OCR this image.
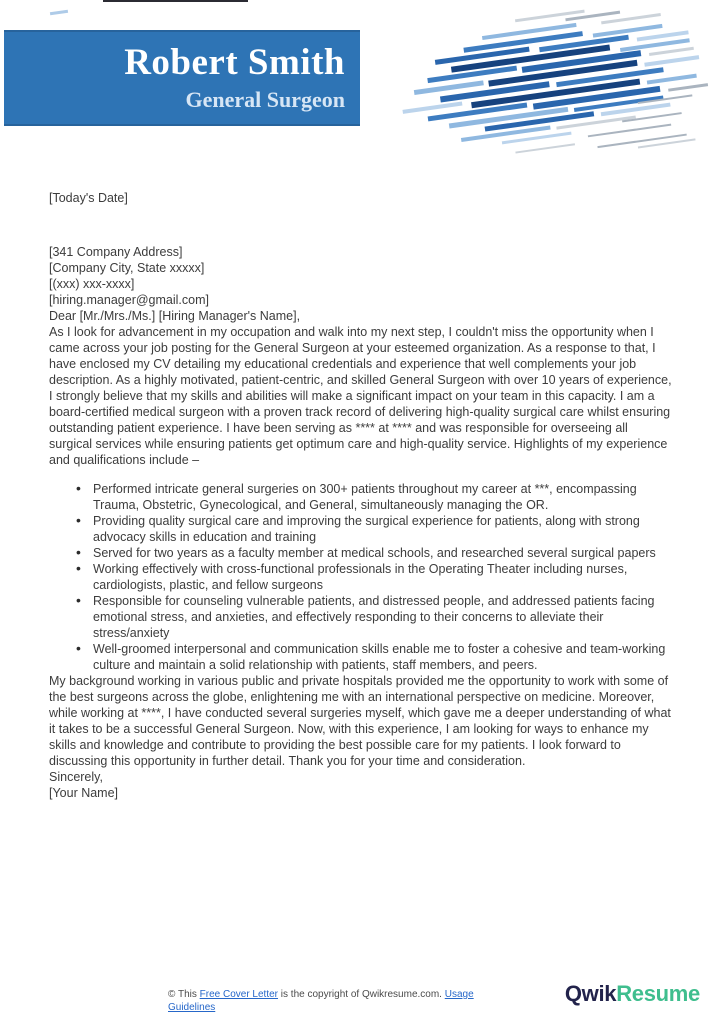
Robert Smith
General Surgeon

[Today's Date]

[341 Company Address]

[Company City, State xxxxx]

[(xxx) xxx-xxxx]

[hiring.manager@gmail.com]

Dear [Mr./Mrs./Ms.] [Hiring Manager's Name],

As I look for advancement in my occupation and walk into my next step, I couldn't miss the opportunity when I came across your job posting for the General Surgeon at your esteemed organization. As a response to that, I have enclosed my CV detailing my educational credentials and experience that well complements your job description. As a highly motivated, patient-centric, and skilled General Surgeon with over 10 years of experience, I strongly believe that my skills and abilities will make a significant impact on your team in this capacity. I am a board-certified medical surgeon with a proven track record of delivering high-quality surgical care whilst ensuring outstanding patient experience. I have been serving as **** at **** and was responsible for overseeing all surgical services while ensuring patients get optimum care and high-quality service. Highlights of my experience and qualifications include –

• Performed intricate general surgeries on 300+ patients throughout my career at ***, encompassing Trauma, Obstetric, Gynecological, and General, simultaneously managing the OR.
• Providing quality surgical care and improving the surgical experience for patients, along with strong advocacy skills in education and training
• Served for two years as a faculty member at medical schools, and researched several surgical papers
• Working effectively with cross-functional professionals in the Operating Theater including nurses, cardiologists, plastic, and fellow surgeons
• Responsible for counseling vulnerable patients, and distressed people, and addressed patients facing emotional stress, and anxieties, and effectively responding to their concerns to alleviate their stress/anxiety
• Well-groomed interpersonal and communication skills enable me to foster a cohesive and team-working culture and maintain a solid relationship with patients, staff members, and peers.

My background working in various public and private hospitals provided me the opportunity to work with some of the best surgeons across the globe, enlightening me with an international perspective on medicine. Moreover, while working at ****, I have conducted several surgeries myself, which gave me a deeper understanding of what it takes to be a successful General Surgeon. Now, with this experience, I am looking for ways to enhance my skills and knowledge and contribute to providing the best possible care for my patients. I look forward to discussing this opportunity in further detail. Thank you for your time and consideration.

Sincerely,

[Your Name]

© This Free Cover Letter is the copyright of Qwikresume.com. Usage Guidelines
QwikResume
